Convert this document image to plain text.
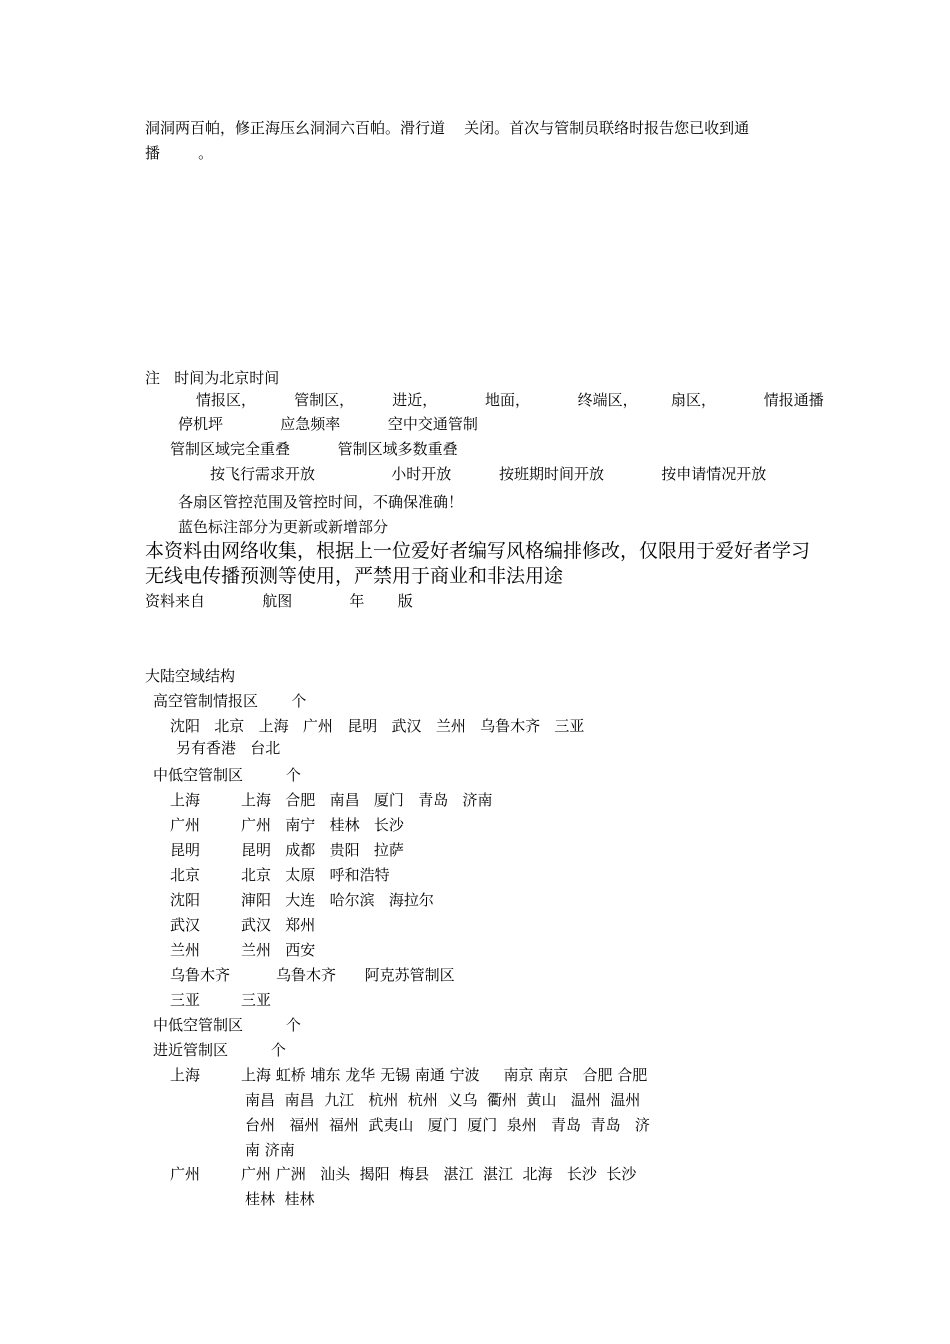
洞洞两百帕，修正海压幺洞洞六百帕。滑行道    关闭。首次与管制员联络时报告您已收到通
播        。
注   时间为北京时间
情报区，        管制区，        进近，          地面，          终端区，       扇区，          情报通播
停机坪            应急频率          空中交通管制
管制区域完全重叠          管制区域多数重叠
按飞行需求开放                小时开放          按班期时间开放            按申请情况开放
各扇区管控范围及管控时间，不确保准确！
蓝色标注部分为更新或新增部分
本资料由网络收集，根据上一位爱好者编写风格编排修改，仅限用于爱好者学习
无线电传播预测等使用，严禁用于商业和非法用途
资料来自            航图            年       版
大陆空域结构
高空管制情报区       个
沈阳   北京   上海   广州   昆明   武汉   兰州   乌鲁木齐   三亚
另有香港   台北
中低空管制区         个
上海	上海   合肥   南昌   厦门   青岛   济南
广州	广州   南宁   桂林   长沙
昆明	昆明   成都   贵阳   拉萨
北京	北京   太原   呼和浩特
沈阳	渖阳   大连   哈尔滨   海拉尔
武汉	武汉   郑州
兰州	兰州   西安
乌鲁木齐	乌鲁木齐      阿克苏管制区
三亚	三亚
中低空管制区         个
进近管制区         个
上海	上海 虹桥 埔东 龙华 无锡 南通 宁波     南京 南京   合肥 合肥
南昌  南昌  九江   杭州  杭州  义乌  衢州  黄山   温州  温州
台州   福州  福州  武夷山   厦门  厦门  泉州   青岛  青岛   济
南 济南
广州	广州 广洲   汕头  揭阳  梅县   湛江  湛江  北海   长沙  长沙
桂林  桂林
